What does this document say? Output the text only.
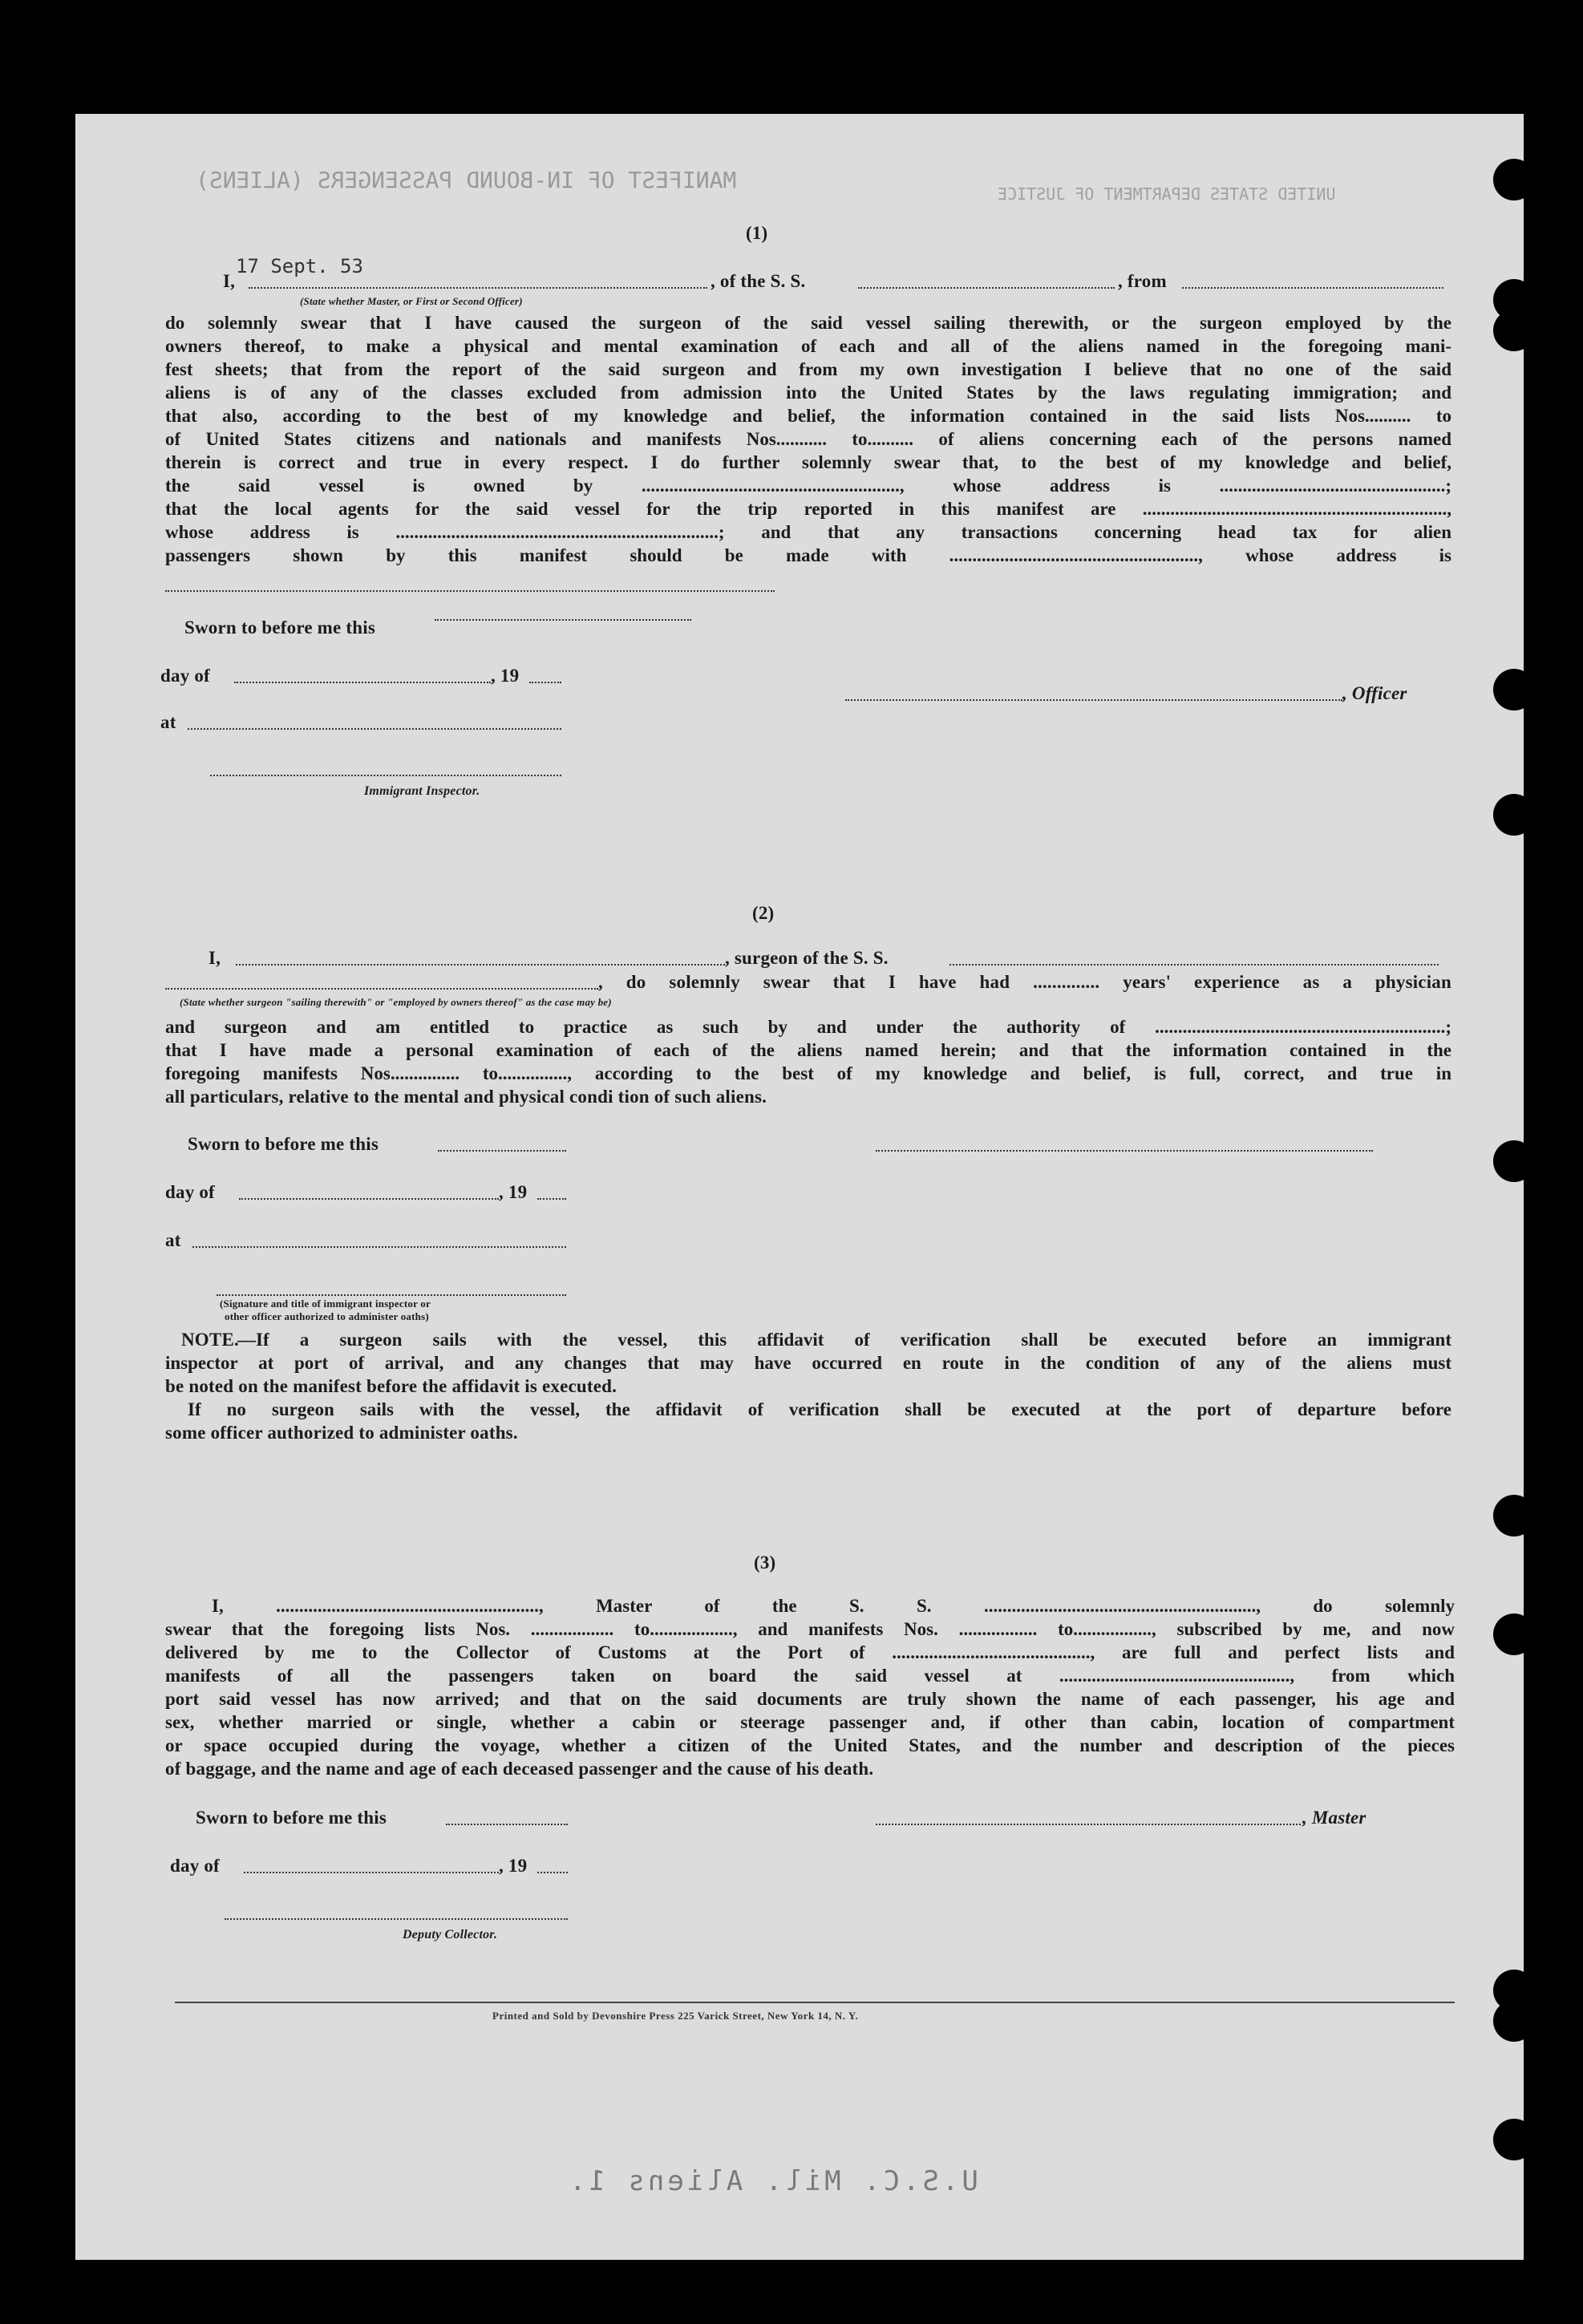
MANIFEST OF IN-BOUND PASSENGERS (ALIENS)
UNITED STATES DEPARTMENT OF JUSTICE
17 Sept. 53
(1)
I,	, of the S. S.	, from
(State whether Master, or First or Second Officer)
do solemnly swear that I have caused the surgeon of the said vessel sailing therewith, or the surgeon employed by the
owners thereof, to make a physical and mental examination of each and all of the aliens named in the foregoing mani-
fest sheets; that from the report of the said surgeon and from my own investigation I believe that no one of the said
aliens is of any of the classes excluded from admission into the United States by the laws regulating immigration; and
that also, according to the best of my knowledge and belief, the information contained in the said lists Nos.......... to
of United States citizens and nationals and manifests Nos........... to.......... of aliens concerning each of the persons named
therein is correct and true in every respect. I do further solemnly swear that, to the best of my knowledge and belief,
the said vessel is owned by ........................................................, whose address is .................................................;
that the local agents for the said vessel for the trip reported in this manifest are ..................................................................,
whose address is ......................................................................; and that any transactions concerning head tax for alien
passengers shown by this manifest should be made with ......................................................, whose address is
Sworn to before me this
day of	, 19
, Officer
at
Immigrant Inspector.
(2)
I,	, surgeon of the S. S.
, do solemnly swear that I have had .............. years' experience as a physician
(State whether surgeon "sailing therewith" or "employed by owners thereof" as the case may be)
and surgeon and am entitled to practice as such by and under the authority of ...............................................................;
that I have made a personal examination of each of the aliens named herein; and that the information contained in the
foregoing manifests Nos............... to..............., according to the best of my knowledge and belief, is full, correct, and true in
all particulars, relative to the mental and physical condi tion of such aliens.
Sworn to before me this
day of	, 19
at
(Signature and title of immigrant inspector or
other officer authorized to administer oaths)
NOTE.
—If a surgeon sails with the vessel, this affidavit of verification shall be executed before an immigrant
inspector at port of arrival, and any changes that may have occurred en route in the condition of any of the aliens must
be noted on the manifest before the affidavit is executed.
If no surgeon sails with the vessel, the affidavit of verification shall be executed at the port of departure before
some officer authorized to administer oaths.
(3)
I, ........................................................., Master of the S. S. ..........................................................., do solemnly
swear that the foregoing lists Nos. .................. to.................., and manifests Nos. ................. to................., subscribed by me, and now
delivered by me to the Collector of Customs at the Port of ..........................................., are full and perfect lists and
manifests of all the passengers taken on board the said vessel at .................................................., from which
port said vessel has now arrived; and that on the said documents are truly shown the name of each passenger, his age and
sex, whether married or single, whether a cabin or steerage passenger and, if other than cabin, location of compartment
or space occupied during the voyage, whether a citizen of the United States, and the number and description of the pieces
of baggage, and the name and age of each deceased passenger and the cause of his death.
Sworn to before me this	, Master
day of	, 19
Deputy Collector.
Printed and Sold by Devonshire Press 225 Varick Street, New York 14, N. Y.
U.S.C. Mil. Aliens 1.
